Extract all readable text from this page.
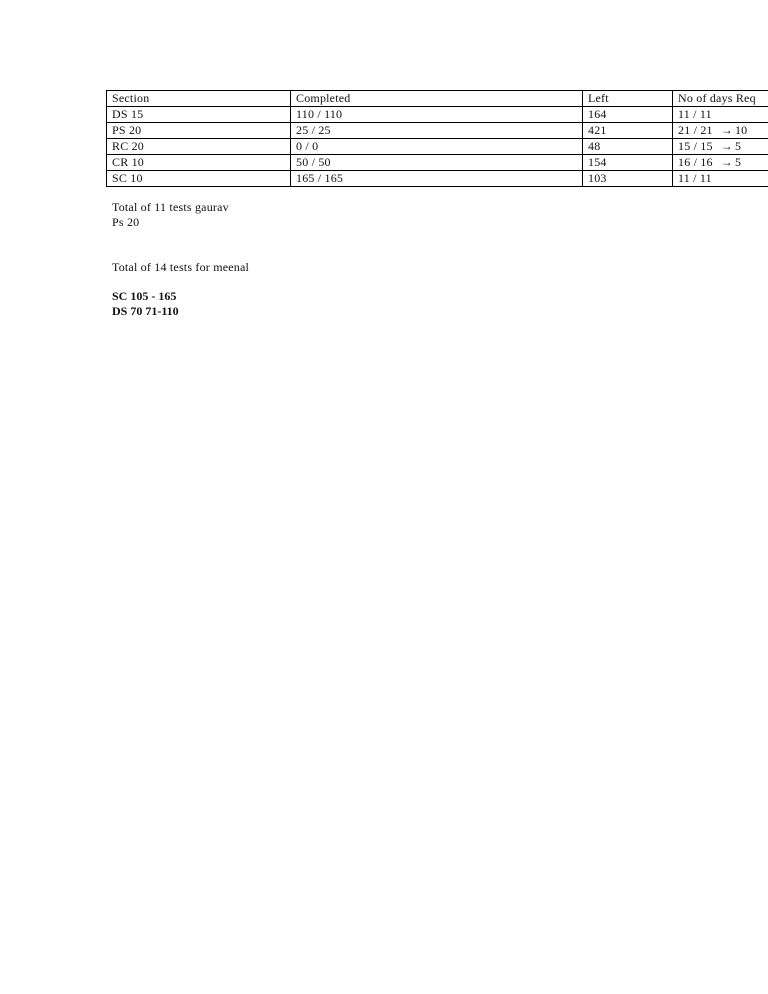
Section	Completed	Left	No of days Req
DS 15	110 / 110	164	11 / 11
PS 20	25 / 25	421	21 / 21 → 10
RC 20	0 / 0	48	15 / 15 → 5
CR 10	50 / 50	154	16 / 16 → 5
SC 10	165 / 165	103	11 / 11
Total of 11 tests gaurav
Ps 20
Total of 14 tests for meenal
SC 105 - 165
DS 70 71-110
